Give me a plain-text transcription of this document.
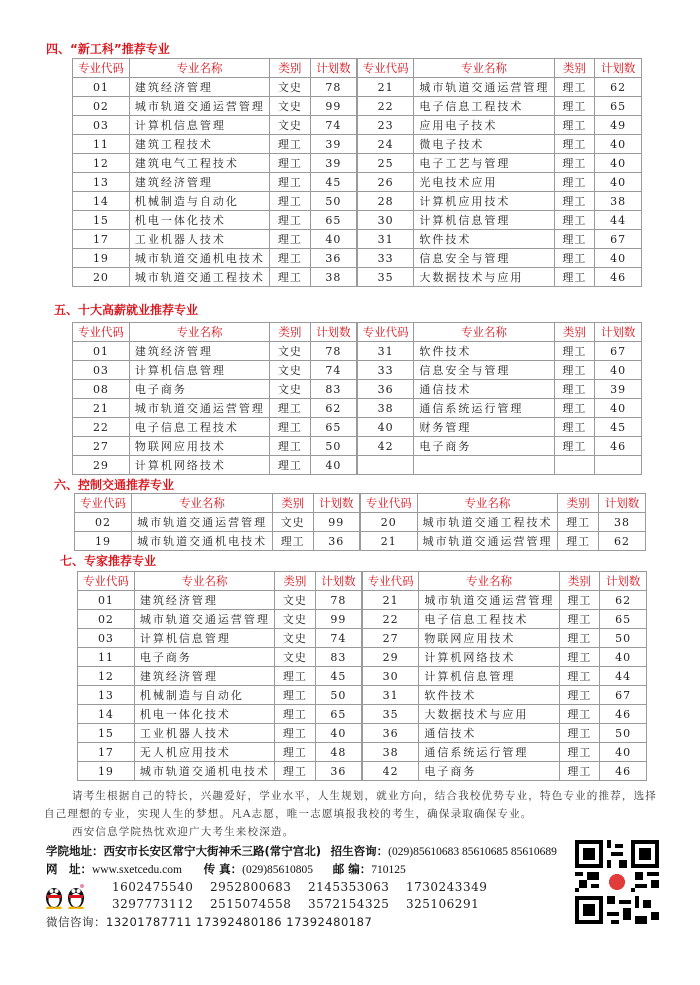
四、“新工科”推荐专业
五、十大高薪就业推荐专业
六、控制交通推荐专业
七、专家推荐专业
专业代码	专业名称	类别	计划数	专业代码	专业名称	类别	计划数
01	建筑经济管理	文史	78	21	城市轨道交通运营管理	理工	62
02	城市轨道交通运营管理	文史	99	22	电子信息工程技术	理工	65
03	计算机信息管理	文史	74	23	应用电子技术	理工	49
11	建筑工程技术	理工	39	24	微电子技术	理工	40
12	建筑电气工程技术	理工	39	25	电子工艺与管理	理工	40
13	建筑经济管理	理工	45	26	光电技术应用	理工	40
14	机械制造与自动化	理工	50	28	计算机应用技术	理工	38
15	机电一体化技术	理工	65	30	计算机信息管理	理工	44
17	工业机器人技术	理工	40	31	软件技术	理工	67
19	城市轨道交通机电技术	理工	36	33	信息安全与管理	理工	40
20	城市轨道交通工程技术	理工	38	35	大数据技术与应用	理工	46
专业代码	专业名称	类别	计划数	专业代码	专业名称	类别	计划数
01	建筑经济管理	文史	78	31	软件技术	理工	67
03	计算机信息管理	文史	74	33	信息安全与管理	理工	40
08	电子商务	文史	83	36	通信技术	理工	39
21	城市轨道交通运营管理	理工	62	38	通信系统运行管理	理工	40
22	电子信息工程技术	理工	65	40	财务管理	理工	45
27	物联网应用技术	理工	50	42	电子商务	理工	46
29	计算机网络技术	理工	40				
专业代码	专业名称	类别	计划数	专业代码	专业名称	类别	计划数
02	城市轨道交通运营管理	文史	99	20	城市轨道交通工程技术	理工	38
19	城市轨道交通机电技术	理工	36	21	城市轨道交通运营管理	理工	62
专业代码	专业名称	类别	计划数	专业代码	专业名称	类别	计划数
01	建筑经济管理	文史	78	21	城市轨道交通运营管理	理工	62
02	城市轨道交通运营管理	文史	99	22	电子信息工程技术	理工	65
03	计算机信息管理	文史	74	27	物联网应用技术	理工	50
11	电子商务	文史	83	29	计算机网络技术	理工	40
12	建筑经济管理	理工	45	30	计算机信息管理	理工	44
13	机械制造与自动化	理工	50	31	软件技术	理工	67
14	机电一体化技术	理工	65	35	大数据技术与应用	理工	46
15	工业机器人技术	理工	40	36	通信技术	理工	50
17	无人机应用技术	理工	48	38	通信系统运行管理	理工	40
19	城市轨道交通机电技术	理工	36	42	电子商务	理工	46
请考生根据自己的特长，兴趣爱好，学业水平，人生规划，就业方向，结合我校优势专业，特色专业的推荐，选择
自己理想的专业，实现人生的梦想。凡A志愿，唯一志愿填报我校的考生，确保录取确保专业。
西安信息学院热忱欢迎广大考生来校深造。
学院地址：西安市长安区常宁大街神禾三路(常宁宫北) 招生咨询：(029)85610683 85610685 85610689
网　址：www.sxetcedu.com 传 真：(029)85610805 邮 编：710125
1602475540 2952800683 2145353063 1730243349
3297773112 2515074558 3572154325 325106291
微信咨询：13201787711 17392480186 17392480187
